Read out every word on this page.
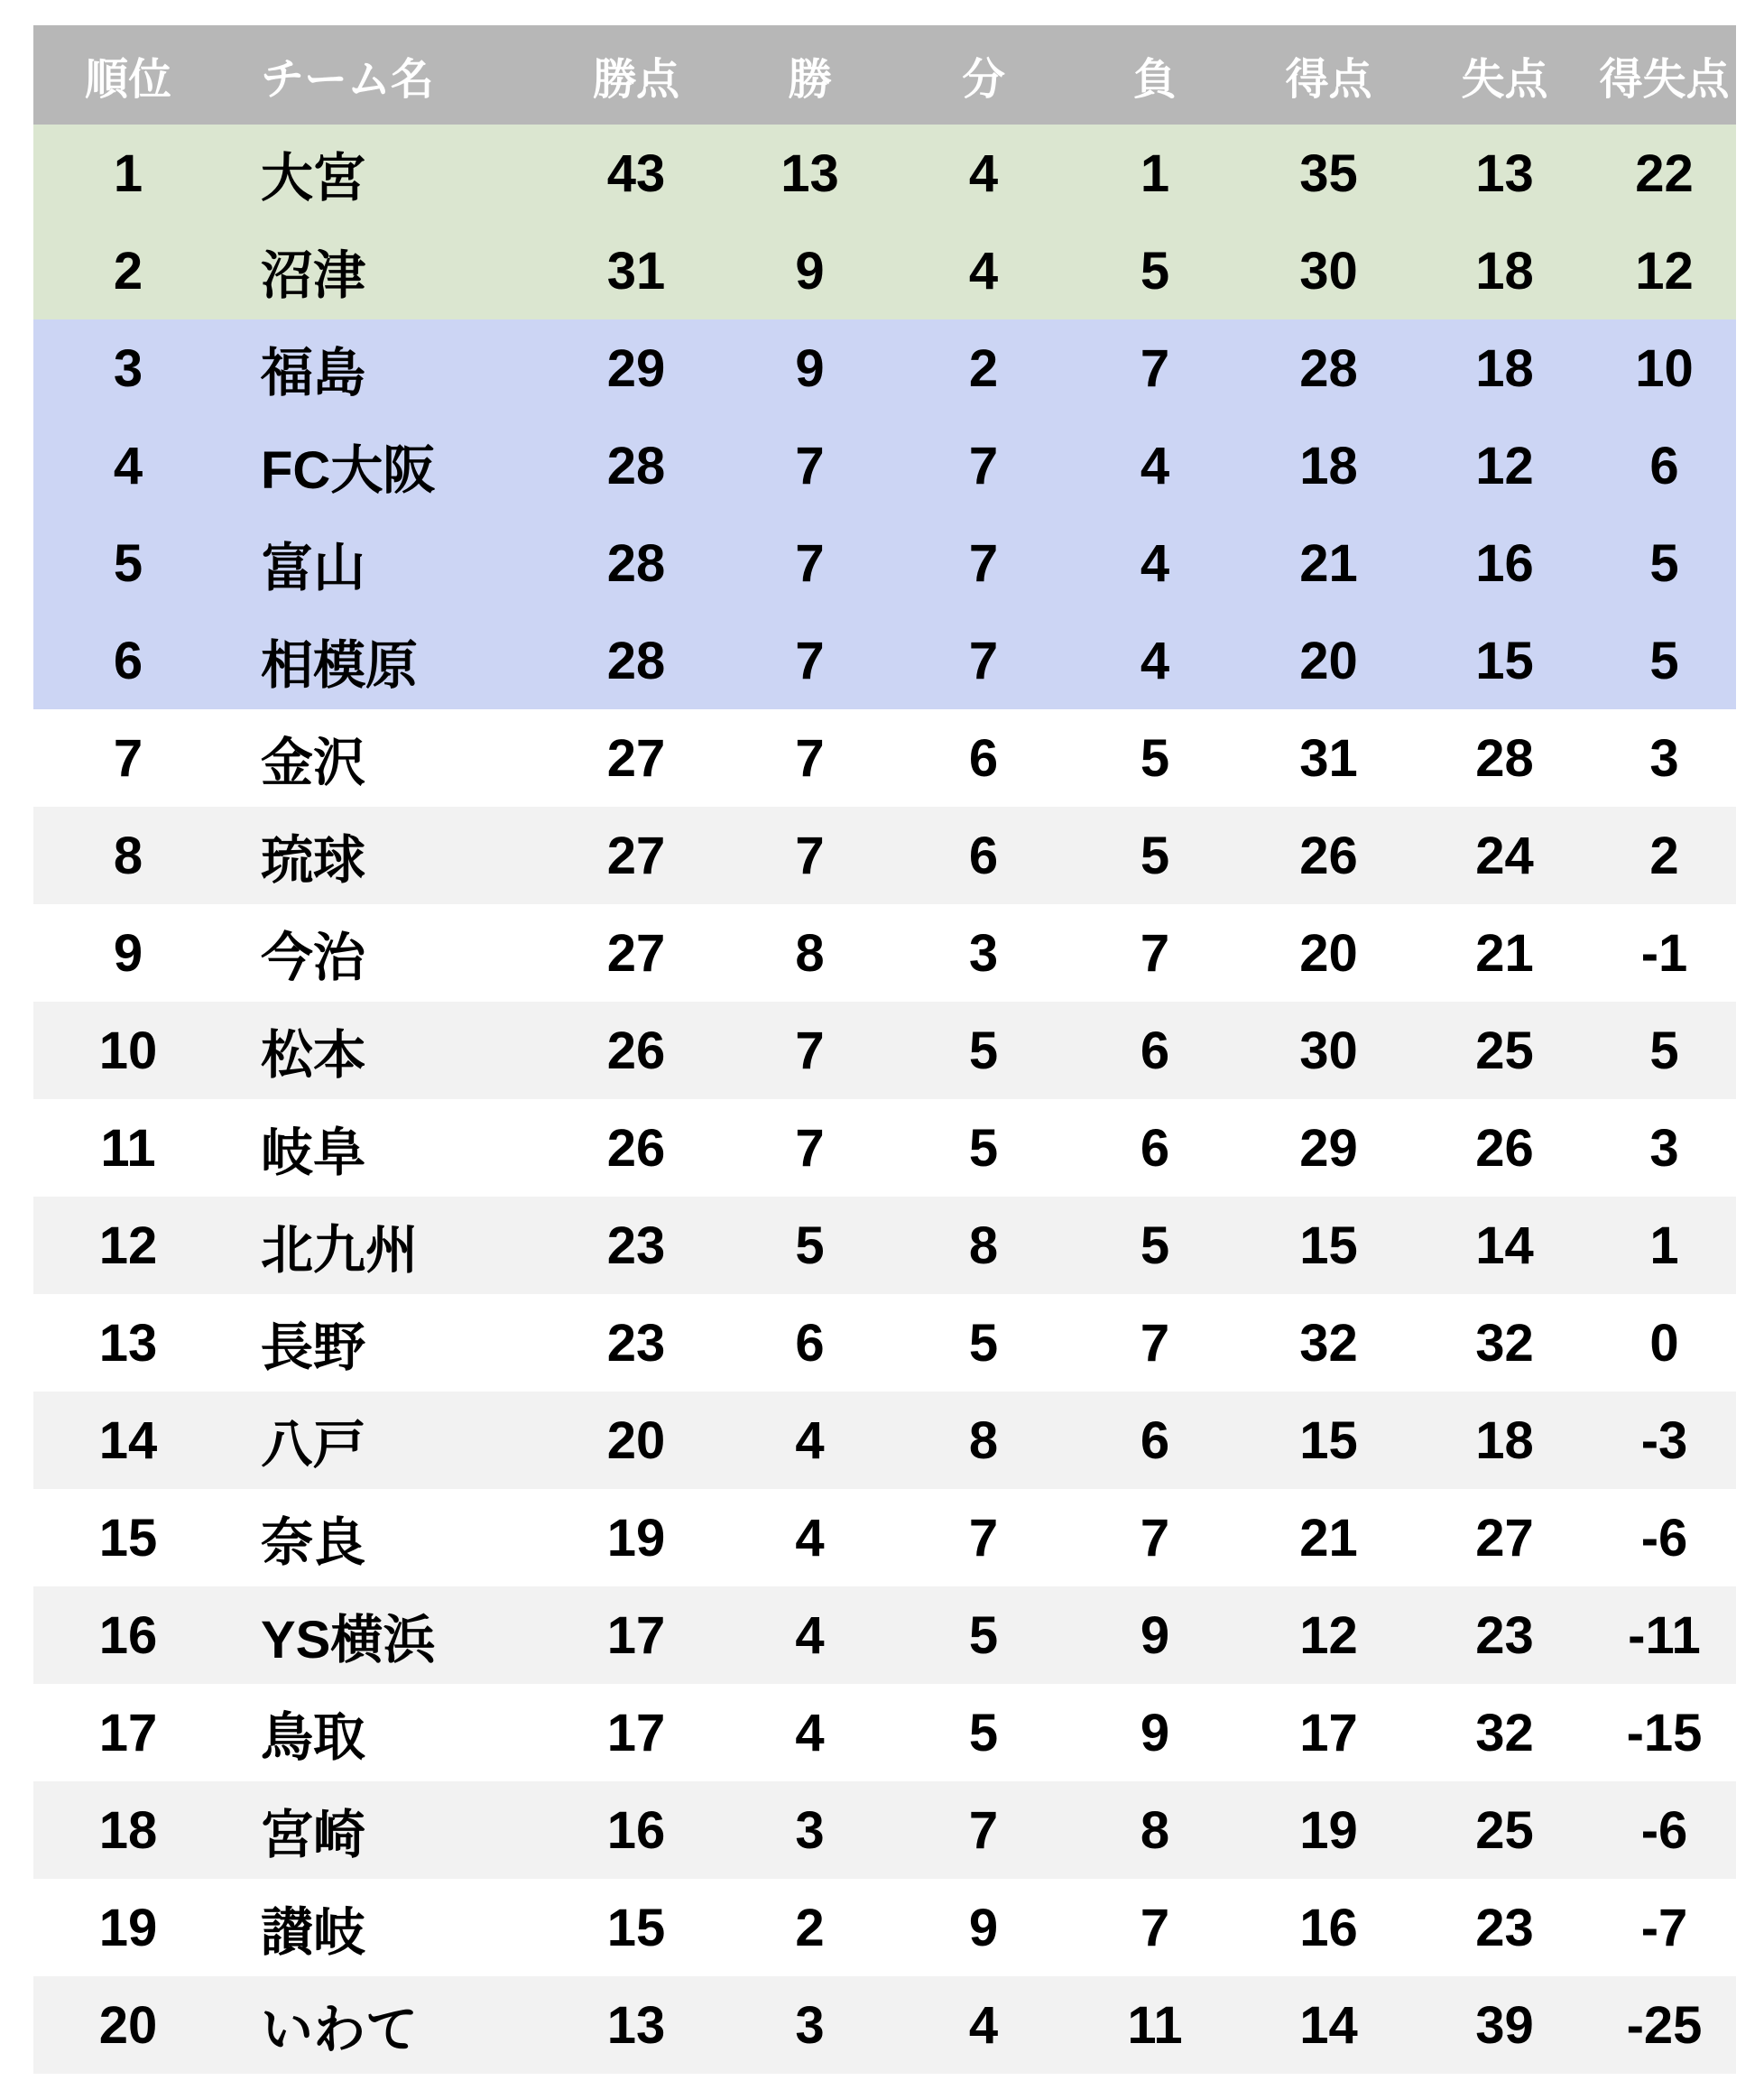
順位	チーム名	勝点	勝	分	負	得点	失点	得失点
1	大宮	43	13	4	1	35	13	22
2	沼津	31	9	4	5	30	18	12
3	福島	29	9	2	7	28	18	10
4	FC大阪	28	7	7	4	18	12	6
5	富山	28	7	7	4	21	16	5
6	相模原	28	7	7	4	20	15	5
7	金沢	27	7	6	5	31	28	3
8	琉球	27	7	6	5	26	24	2
9	今治	27	8	3	7	20	21	-1
10	松本	26	7	5	6	30	25	5
11	岐阜	26	7	5	6	29	26	3
12	北九州	23	5	8	5	15	14	1
13	長野	23	6	5	7	32	32	0
14	八戸	20	4	8	6	15	18	-3
15	奈良	19	4	7	7	21	27	-6
16	YS横浜	17	4	5	9	12	23	-11
17	鳥取	17	4	5	9	17	32	-15
18	宮崎	16	3	7	8	19	25	-6
19	讃岐	15	2	9	7	16	23	-7
20	いわて	13	3	4	11	14	39	-25
